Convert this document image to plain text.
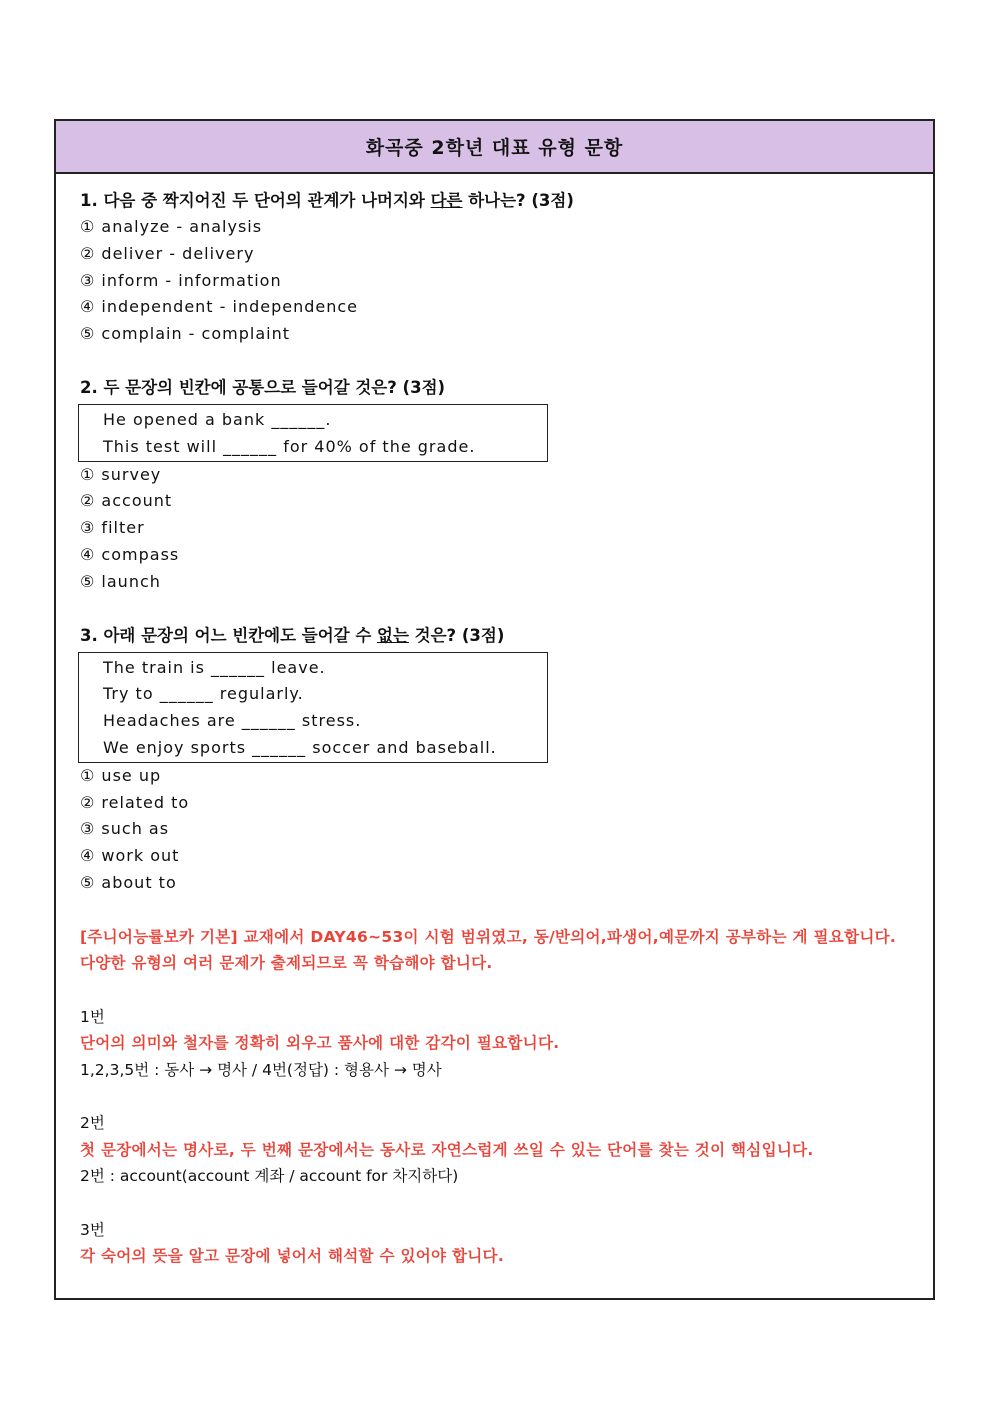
화곡중 2학년 대표 유형 문항
1. 다음 중 짝지어진 두 단어의 관계가 나머지와 다른 하나는? (3점)
① analyze - analysis
② deliver - delivery
③ inform - information
④ independent - independence
⑤ complain - complaint
2. 두 문장의 빈칸에 공통으로 들어갈 것은? (3점)
He opened a bank ______.
This test will ______ for 40% of the grade.
① survey
② account
③ filter
④ compass
⑤ launch
3. 아래 문장의 어느 빈칸에도 들어갈 수 없는 것은? (3점)
The train is ______ leave.
Try to ______ regularly.
Headaches are ______ stress.
We enjoy sports ______ soccer and baseball.
① use up
② related to
③ such as
④ work out
⑤ about to
[주니어능률보카 기본] 교재에서 DAY46~53이 시험 범위였고, 동/반의어,파생어,예문까지 공부하는 게 필요합니다.
다양한 유형의 여러 문제가 출제되므로 꼭 학습해야 합니다.
1번
단어의 의미와 철자를 정확히 외우고 품사에 대한 감각이 필요합니다.
1,2,3,5번 : 동사 → 명사 / 4번(정답) : 형용사 → 명사
2번
첫 문장에서는 명사로, 두 번째 문장에서는 동사로 자연스럽게 쓰일 수 있는 단어를 찾는 것이 핵심입니다.
2번 : account(account 계좌 / account for 차지하다)
3번
각 숙어의 뜻을 알고 문장에 넣어서 해석할 수 있어야 합니다.
